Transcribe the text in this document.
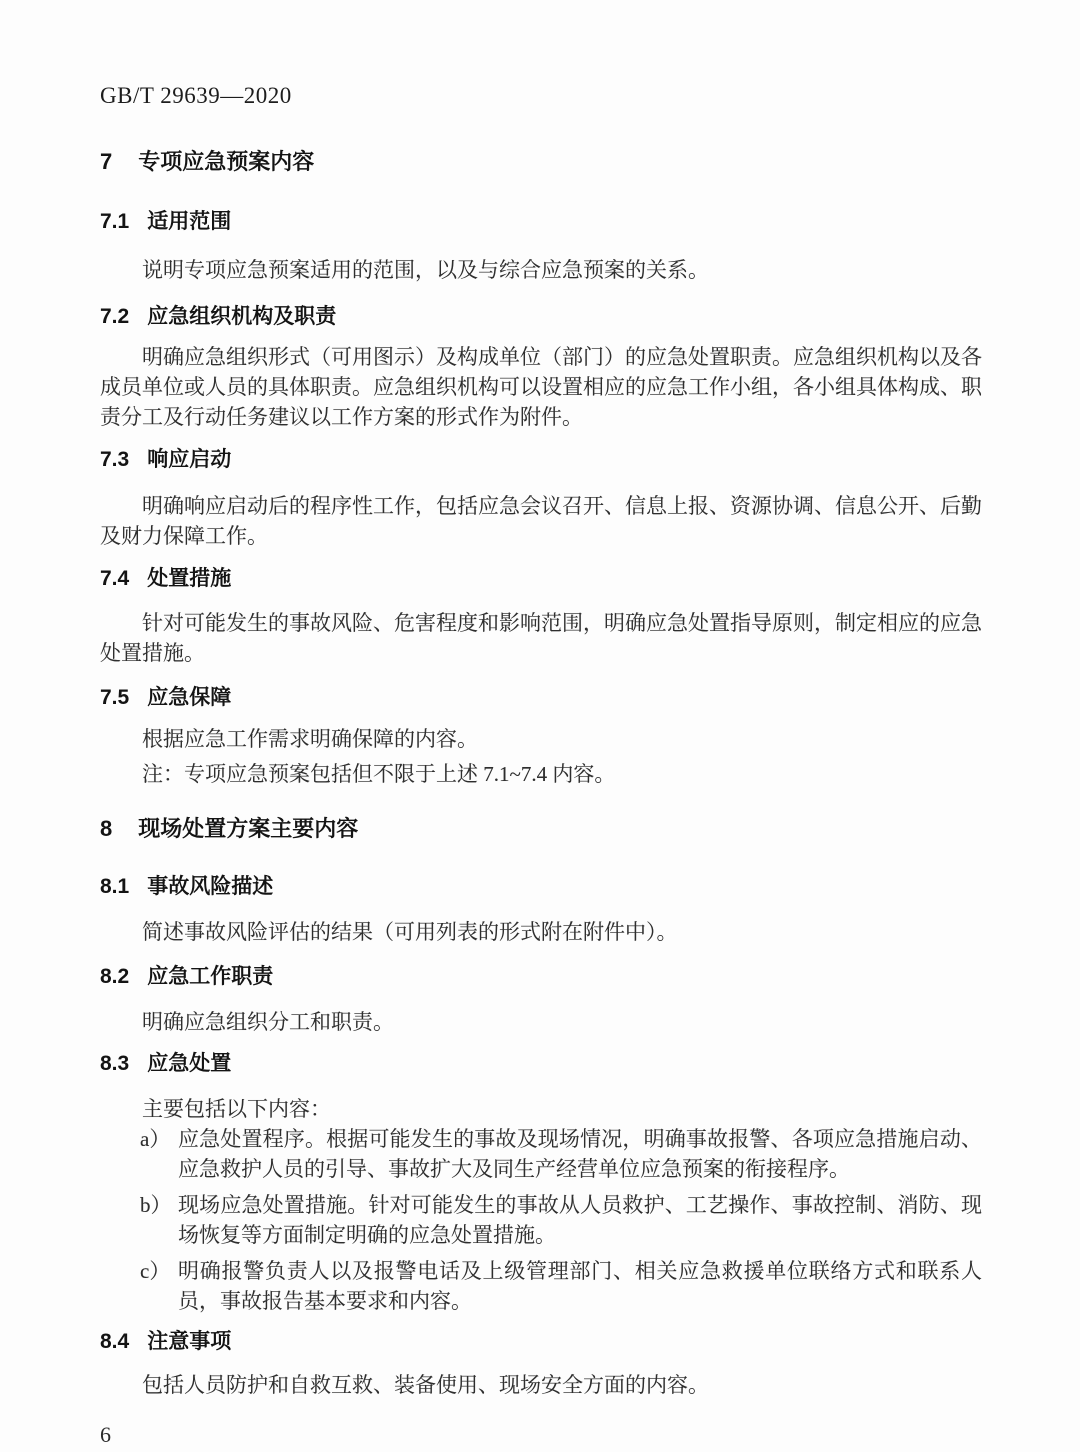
GB/T 29639—2020
7 专项应急预案内容
7.1 适用范围

说明专项应急预案适用的范围，以及与综合应急预案的关系。

7.2 应急组织机构及职责

明确应急组织形式（可用图示）及构成单位（部门）的应急处置职责。应急组织机构以及各成员单位或人员的具体职责。应急组织机构可以设置相应的应急工作小组，各小组具体构成、职责分工及行动任务建议以工作方案的形式作为附件。

7.3 响应启动

明确响应启动后的程序性工作，包括应急会议召开、信息上报、资源协调、信息公开、后勤及财力保障工作。

7.4 处置措施

针对可能发生的事故风险、危害程度和影响范围，明确应急处置指导原则，制定相应的应急处置措施。

7.5 应急保障

根据应急工作需求明确保障的内容。

注：专项应急预案包括但不限于上述 7.1~7.4 内容。

8 现场处置方案主要内容
8.1 事故风险描述

简述事故风险评估的结果（可用列表的形式附在附件中）。

8.2 应急工作职责

明确应急组织分工和职责。

8.3 应急处置

主要包括以下内容：

a） 应急处置程序。根据可能发生的事故及现场情况，明确事故报警、各项应急措施启动、应急救护人员的引导、事故扩大及同生产经营单位应急预案的衔接程序。
b） 现场应急处置措施。针对可能发生的事故从人员救护、工艺操作、事故控制、消防、现场恢复等方面制定明确的应急处置措施。
c） 明确报警负责人以及报警电话及上级管理部门、相关应急救援单位联络方式和联系人员，事故报告基本要求和内容。
8.4 注意事项

包括人员防护和自救互救、装备使用、现场安全方面的内容。

6
